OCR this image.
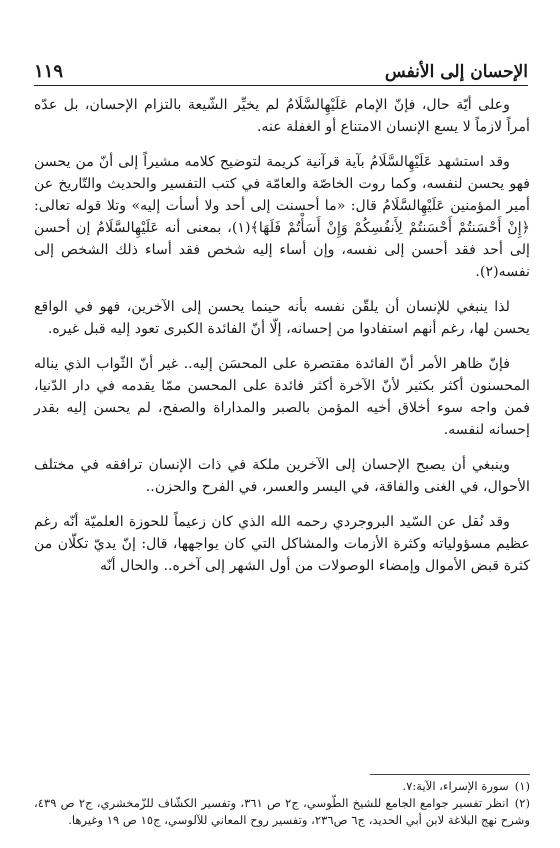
الإحسان إلى الأنفس
١١٩

وعلى أيّة حال، فإنّ الإمام عَلَيْهِالسَّلَامُ لم يخيِّر الشّيعة بالتزام الإحسان، بل عدّه أمراً لازماً لا يسع الإنسان الامتناع أو الغفلة عنه.

وقد استشهد عَلَيْهِالسَّلَامُ بآية قرآنية كريمة لتوضيح كلامه مشيراً إلى أنّ من يحسن فهو يحسن لنفسه، وكما روت الخاصّة والعامّة في كتب التفسير والحديث والتّاريخ عن أمير المؤمنين عَلَيْهِالسَّلَامُ قال: «ما أحسنت إلى أحد ولا أسأت إليه» وتلا قوله تعالى: ﴿إِنْ أَحْسَنتُمْ أَحْسَنتُمْ لِأَنفُسِكُمْ وَإِنْ أَسَأْتُمْ فَلَهَا﴾(١)، بمعنى أنه عَلَيْهِالسَّلَامُ إن أحسن إلى أحد فقد أحسن إلى نفسه، وإن أساء إليه شخص فقد أساء ذلك الشخص إلى نفسه(٢).

لذا ينبغي للإنسان أن يلقّن نفسه بأنه حينما يحسن إلى الآخرين، فهو في الواقع يحسن لها، رغم أنهم استفادوا من إحسانه، إلّا أنّ الفائدة الكبرى تعود إليه قبل غيره.

فإنّ ظاهر الأمر أنّ الفائدة مقتصرة على المحسَن إليه.. غير أنّ الثّواب الذي يناله المحسنون أكثر بكثير لأنّ الآخرة أكثر فائدة على المحسن ممّا يقدمه في دار الدّنيا، فمن واجه سوء أخلاق أخيه المؤمن بالصبر والمداراة والصفح، لم يحسن إليه بقدر إحسانه لنفسه.

وينبغي أن يصبح الإحسان إلى الآخرين ملكة في ذات الإنسان ترافقه في مختلف الأحوال، في الغنى والفاقة، في اليسر والعسر، في الفرح والحزن..

وقد نُقل عن السّيد البروجردي رحمه الله الذي كان زعيماً للحوزة العلميّة أنّه رغم عظيم مسؤولياته وكثرة الأزمات والمشاكل التي كان يواجهها، قال: إنّ يديّ تكلّان من كثرة قبض الأموال وإمضاء الوصولات من أول الشهر إلى آخره.. والحال أنّه

(١)سورة الإسراء، الآية:٧.

(٢)انظر تفسير جوامع الجامع للشيخ الطّوسي، ج٢ ص ٣٦١، وتفسير الكشّاف للزّمخشري، ج٢ ص ٤٣٩، وشرح نهج البلاغة لابن أبي الحديد، ج٦ ص٢٣٦، وتفسير روح المعاني للآلوسي، ج١٥ ص ١٩ وغيرها.
